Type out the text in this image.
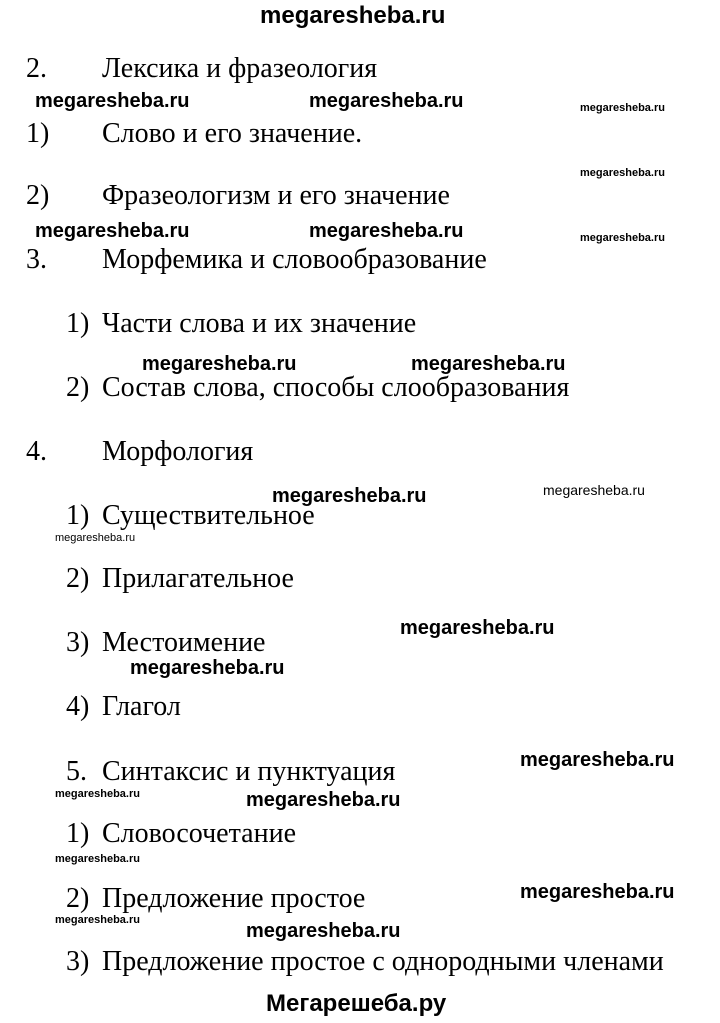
megaresheba.ru
2. Лексика и фразеология
megaresheba.ru	megaresheba.ru	megaresheba.ru
1) Слово и его значение.
megaresheba.ru
2) Фразеологизм и его значение
megaresheba.ru	megaresheba.ru	megaresheba.ru
3. Морфемика и словообразование
1) Части слова и их значение
megaresheba.ru	megaresheba.ru
2) Состав слова, способы слообразования
4. Морфология
megaresheba.ru	megaresheba.ru
1) Существительное
megaresheba.ru
2) Прилагательное
megaresheba.ru
3) Местоимение
megaresheba.ru
4) Глагол
megaresheba.ru
5. Синтаксис и пунктуация
megaresheba.ru	megaresheba.ru
1) Словосочетание
megaresheba.ru
megaresheba.ru
2) Предложение простое
megaresheba.ru	megaresheba.ru
3) Предложение простое с однородными членами
Мегарешеба.ру
